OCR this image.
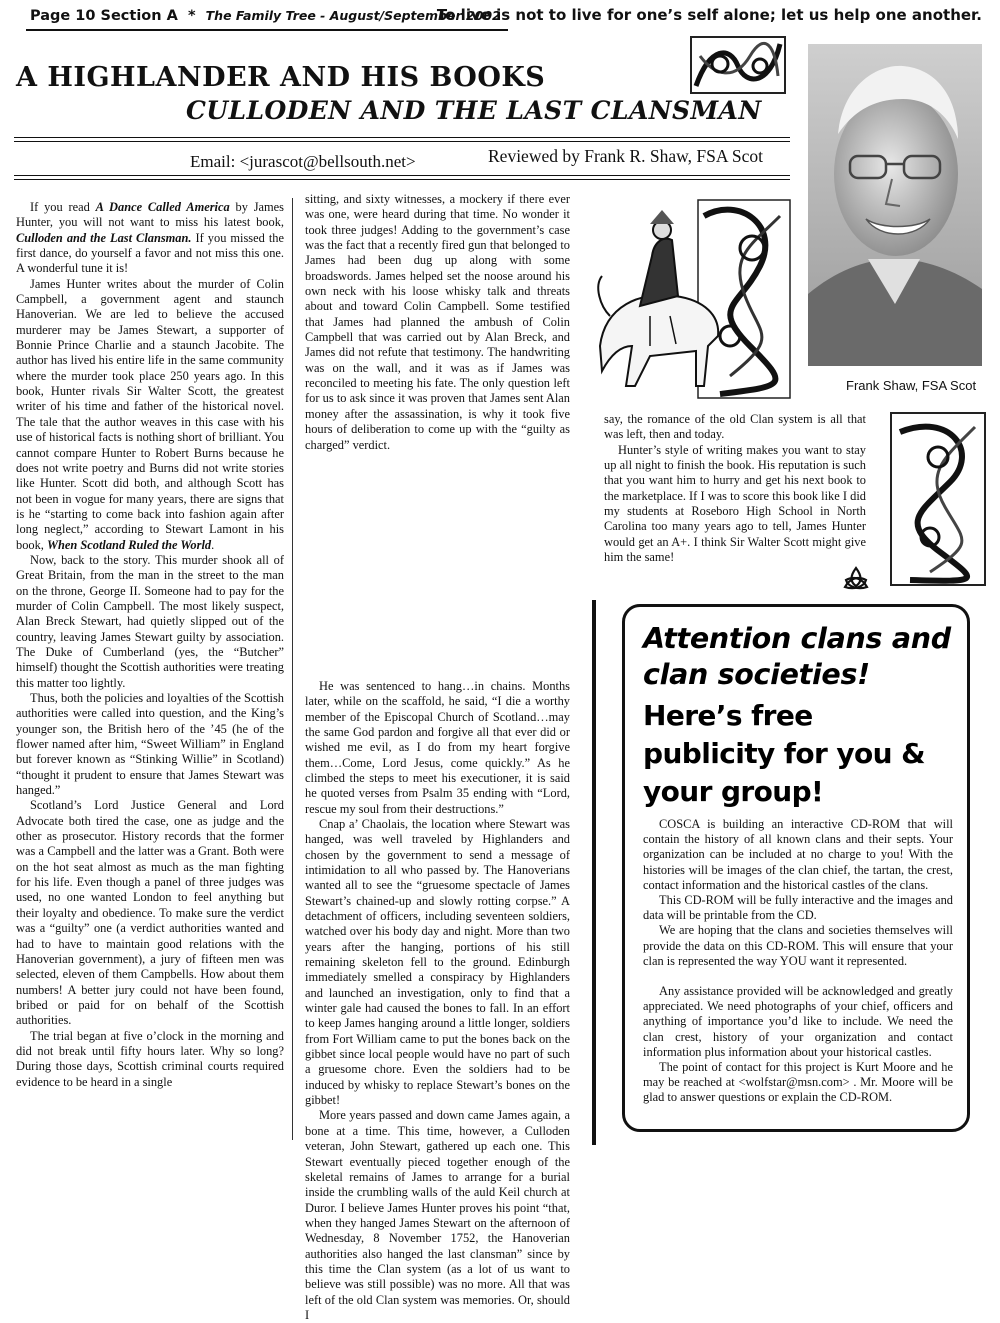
Page 10 Section A * The Family Tree - August/September 2002
To live is not to live for one’s self alone; let us help one another.
A HIGHLANDER AND HIS BOOKS
CULLODEN AND THE LAST CLANSMAN
Email: <jurascot@bellsouth.net>	Reviewed by Frank R. Shaw, FSA Scot
Frank Shaw, FSA Scot

If you read A Dance Called America by James Hunter, you will not want to miss his latest book, Culloden and the Last Clansman. If you missed the first dance, do yourself a favor and not miss this one. A wonderful tune it is!

James Hunter writes about the murder of Colin Campbell, a government agent and staunch Hanoverian. We are led to believe the accused murderer may be James Stewart, a supporter of Bonnie Prince Charlie and a staunch Jacobite. The author has lived his entire life in the same community where the murder took place 250 years ago. In this book, Hunter rivals Sir Walter Scott, the greatest writer of his time and father of the historical novel. The tale that the author weaves in this case with his use of historical facts is nothing short of brilliant. You cannot compare Hunter to Robert Burns because he does not write poetry and Burns did not write stories like Hunter. Scott did both, and although Scott has not been in vogue for many years, there are signs that is he “starting to come back into fashion again after long neglect,” according to Stewart Lamont in his book, When Scotland Ruled the World.

Now, back to the story. This murder shook all of Great Britain, from the man in the street to the man on the throne, George II. Someone had to pay for the murder of Colin Campbell. The most likely suspect, Alan Breck Stewart, had quietly slipped out of the country, leaving James Stewart guilty by association. The Duke of Cumberland (yes, the “Butcher” himself) thought the Scottish authorities were treating this matter too lightly.

Thus, both the policies and loyalties of the Scottish authorities were called into question, and the King’s younger son, the British hero of the ’45 (he of the flower named after him, “Sweet William” in England but forever known as “Stinking Willie” in Scotland) “thought it prudent to ensure that James Stewart was hanged.”

Scotland’s Lord Justice General and Lord Advocate both tired the case, one as judge and the other as prosecutor. History records that the former was a Campbell and the latter was a Grant. Both were on the hot seat almost as much as the man fighting for his life. Even though a panel of three judges was used, no one wanted London to feel anything but their loyalty and obedience. To make sure the verdict was a “guilty” one (a verdict authorities wanted and had to have to maintain good relations with the Hanoverian government), a jury of fifteen men was selected, eleven of them Campbells. How about them numbers! A better jury could not have been found, bribed or paid for on behalf of the Scottish authorities.

The trial began at five o’clock in the morning and did not break until fifty hours later. Why so long? During those days, Scottish criminal courts required evidence to be heard in a single

sitting, and sixty witnesses, a mockery if there ever was one, were heard during that time. No wonder it took three judges! Adding to the government’s case was the fact that a recently fired gun that belonged to James had been dug up along with some broadswords. James helped set the noose around his own neck with his loose whisky talk and threats about and toward Colin Campbell. Some testified that James had planned the ambush of Colin Campbell that was carried out by Alan Breck, and James did not refute that testimony. The handwriting was on the wall, and it was as if James was reconciled to meeting his fate. The only question left for us to ask since it was proven that James sent Alan money after the assassination, is why it took five hours of deliberation to come up with the “guilty as charged” verdict.

He was sentenced to hang…in chains. Months later, while on the scaffold, he said, “I die a worthy member of the Episcopal Church of Scotland…may the same God pardon and forgive all that ever did or wished me evil, as I do from my heart forgive them…Come, Lord Jesus, come quickly.” As he climbed the steps to meet his executioner, it is said he quoted verses from Psalm 35 ending with “Lord, rescue my soul from their destructions.”

Cnap a’ Chaolais, the location where Stewart was hanged, was well traveled by Highlanders and chosen by the government to send a message of intimidation to all who passed by. The Hanoverians wanted all to see the “gruesome spectacle of James Stewart’s chained-up and slowly rotting corpse.” A detachment of officers, including seventeen soldiers, watched over his body day and night. More than two years after the hanging, portions of his still remaining skeleton fell to the ground. Edinburgh immediately smelled a conspiracy by Highlanders and launched an investigation, only to find that a winter gale had caused the bones to fall. In an effort to keep James hanging around a little longer, soldiers from Fort William came to put the bones back on the gibbet since local people would have no part of such a gruesome chore. Even the soldiers had to be induced by whisky to replace Stewart’s bones on the gibbet!

More years passed and down came James again, a bone at a time. This time, however, a Culloden veteran, John Stewart, gathered up each one. This Stewart eventually pieced together enough of the skeletal remains of James to arrange for a burial inside the crumbling walls of the auld Keil church at Duror. I believe James Hunter proves his point “that, when they hanged James Stewart on the afternoon of Wednesday, 8 November 1752, the Hanoverian authorities also hanged the last clansman” since by this time the Clan system (as a lot of us want to believe was still possible) was no more. All that was left of the old Clan system was memories. Or, should I

say, the romance of the old Clan system is all that was left, then and today.

Hunter’s style of writing makes you want to stay up all night to finish the book. His reputation is such that you want him to hurry and get his next book to the marketplace. If I was to score this book like I did my students at Roseboro High School in North Carolina too many years ago to tell, James Hunter would get an A+. I think Sir Walter Scott might give him the same!

Attention clans and clan societies!
Here’s free publicity for you & your group!

COSCA is building an interactive CD-ROM that will contain the history of all known clans and their septs. Your organization can be included at no charge to you! With the histories will be images of the clan chief, the tartan, the crest, contact information and the historical castles of the clans.

This CD-ROM will be fully interactive and the images and data will be printable from the CD.

We are hoping that the clans and societies themselves will provide the data on this CD-ROM. This will ensure that your clan is represented the way YOU want it represented.

Any assistance provided will be acknowledged and greatly appreciated. We need photographs of your chief, officers and anything of importance you’d like to include. We need the clan crest, history of your organization and contact information plus information about your historical castles.

The point of contact for this project is Kurt Moore and he may be reached at <wolfstar@msn.com> . Mr. Moore will be glad to answer questions or explain the CD-ROM.
